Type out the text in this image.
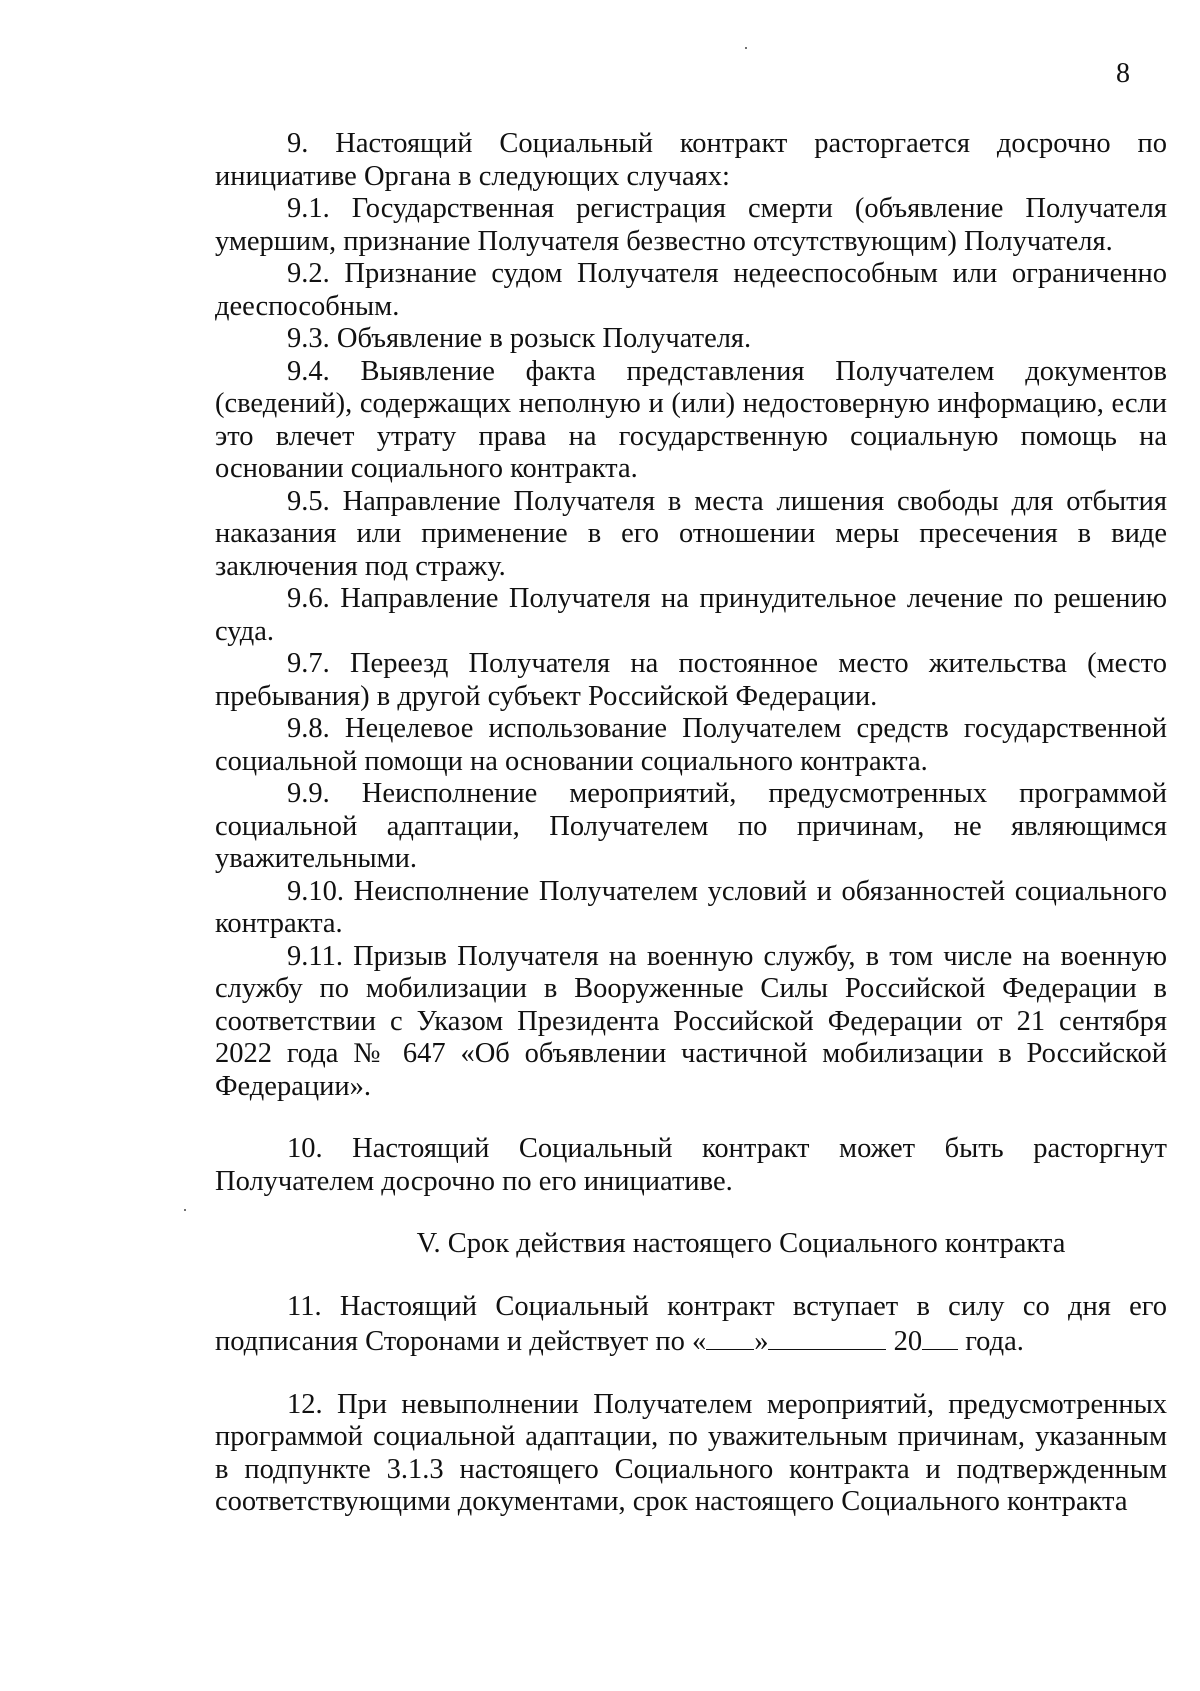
8

9. Настоящий Социальный контракт расторгается досрочно по инициативе Органа в следующих случаях:

9.1. Государственная регистрация смерти (объявление Получателя умершим, признание Получателя безвестно отсутствующим) Получателя.

9.2. Признание судом Получателя недееспособным или ограниченно дееспособным.

9.3. Объявление в розыск Получателя.

9.4. Выявление факта представления Получателем документов (сведений), содержащих неполную и (или) недостоверную информацию, если это влечет утрату права на государственную социальную помощь на основании социального контракта.

9.5. Направление Получателя в места лишения свободы для отбытия наказания или применение в его отношении меры пресечения в виде заключения под стражу.

9.6. Направление Получателя на принудительное лечение по решению суда.

9.7. Переезд Получателя на постоянное место жительства (место пребывания) в другой субъект Российской Федерации.

9.8. Нецелевое использование Получателем средств государственной социальной помощи на основании социального контракта.

9.9. Неисполнение мероприятий, предусмотренных программой социальной адаптации, Получателем по причинам, не являющимся уважительными.

9.10. Неисполнение Получателем условий и обязанностей социального контракта.

9.11. Призыв Получателя на военную службу, в том числе на военную службу по мобилизации в Вооруженные Силы Российской Федерации в соответствии с Указом Президента Российской Федерации от 21 сентября 2022 года № 647 «Об объявлении частичной мобилизации в Российской Федерации».

10. Настоящий Социальный контракт может быть расторгнут Получателем досрочно по его инициативе.

V. Срок действия настоящего Социального контракта

11. Настоящий Социальный контракт вступает в силу со дня его подписания Сторонами и действует по « »	20 года.

12. При невыполнении Получателем мероприятий, предусмотренных программой социальной адаптации, по уважительным причинам, указанным в подпункте 3.1.3 настоящего Социального контракта и подтвержденным соответствующими документами, срок настоящего Социального контракта
